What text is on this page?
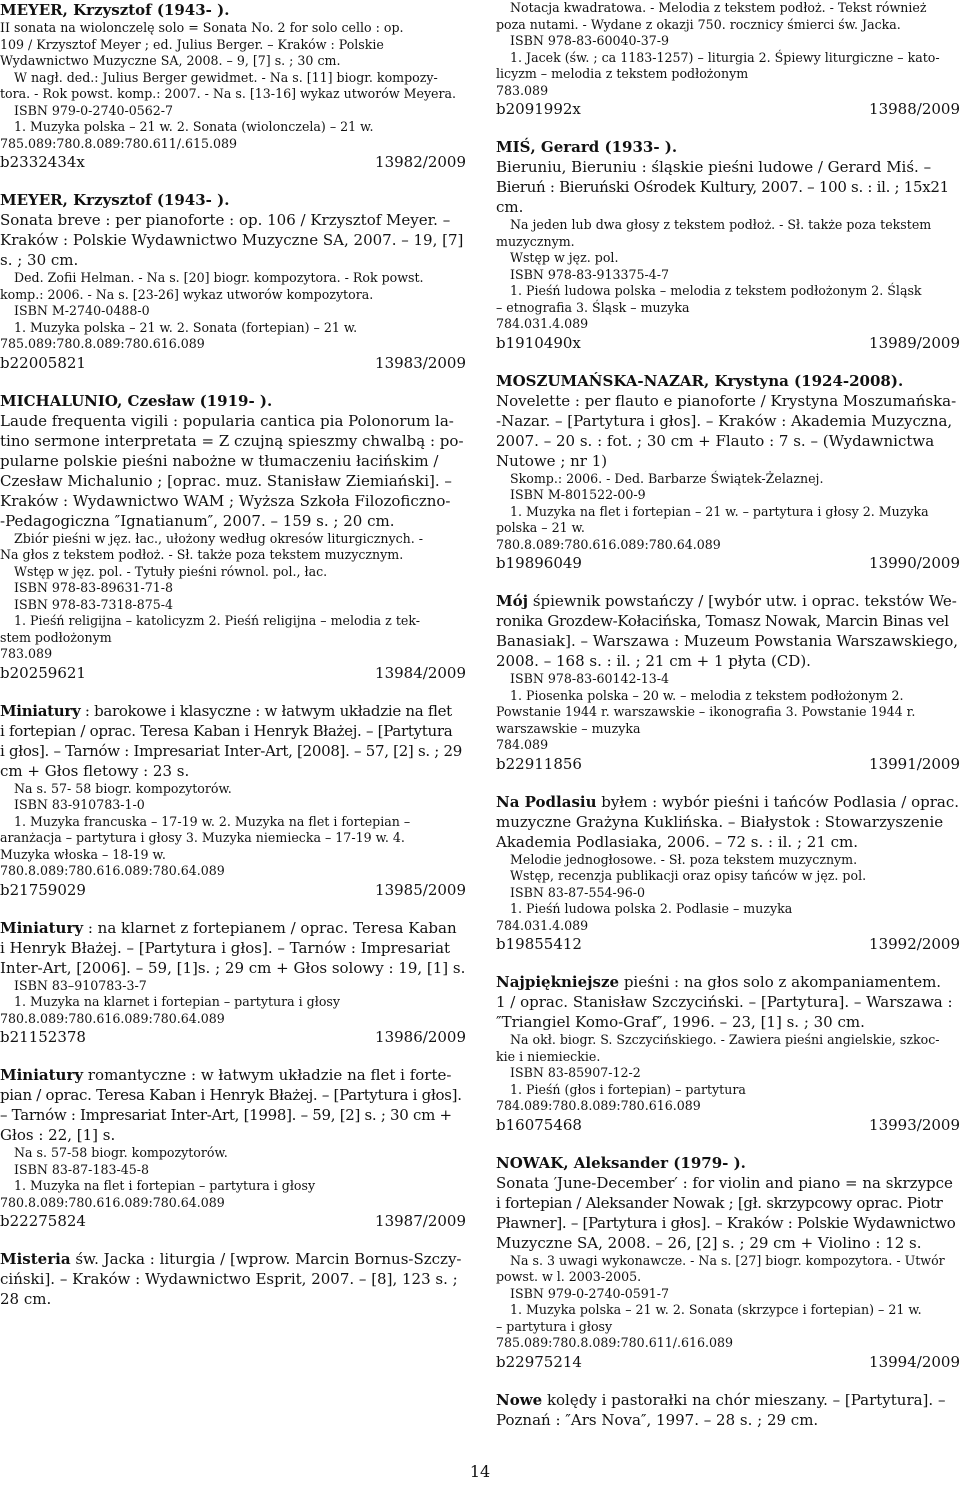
MEYER, Krzysztof (1943- ).
II sonata na wiolonczelę solo = Sonata No. 2 for solo cello : op.
109 / Krzysztof Meyer ; ed. Julius Berger. – Kraków : Polskie
Wydawnictwo Muzyczne SA, 2008. – 9, [7] s. ; 30 cm.
W nagł. ded.: Julius Berger gewidmet. - Na s. [11] biogr. kompozy-
tora. - Rok powst. komp.: 2007. - Na s. [13-16] wykaz utworów Meyera.
ISBN 979-0-2740-0562-7
1. Muzyka polska – 21 w. 2. Sonata (wiolonczela) – 21 w.
785.089:780.8.089:780.611/.615.089
b2332434x	13982/2009
MEYER, Krzysztof (1943- ).
Sonata breve : per pianoforte : op. 106 / Krzysztof Meyer. –
Kraków : Polskie Wydawnictwo Muzyczne SA, 2007. – 19, [7]
s. ; 30 cm.
Ded. Zofii Helman. - Na s. [20] biogr. kompozytora. - Rok powst.
komp.: 2006. - Na s. [23-26] wykaz utworów kompozytora.
ISBN M-2740-0488-0
1. Muzyka polska – 21 w. 2. Sonata (fortepian) – 21 w.
785.089:780.8.089:780.616.089
b22005821	13983/2009
MICHALUNIO, Czesław (1919- ).
Laude frequenta vigili : popularia cantica pia Polonorum la-
tino sermone interpretata = Z czujną spieszmy chwalbą : po-
pularne polskie pieśni nabożne w tłumaczeniu łacińskim /
Czesław Michalunio ; [oprac. muz. Stanisław Ziemiański]. –
Kraków : Wydawnictwo WAM ; Wyższa Szkoła Filozoficzno-
-Pedagogiczna ″Ignatianum″, 2007. – 159 s. ; 20 cm.
Zbiór pieśni w jęz. łac., ułożony według okresów liturgicznych. -
Na głos z tekstem podłoż. - Sł. także poza tekstem muzycznym.
Wstęp w jęz. pol. - Tytuły pieśni równol. pol., łac.
ISBN 978-83-89631-71-8
ISBN 978-83-7318-875-4
1. Pieśń religijna – katolicyzm 2. Pieśń religijna – melodia z tek-
stem podłożonym
783.089
b20259621	13984/2009
Miniatury : barokowe i klasyczne : w łatwym układzie na flet
i fortepian / oprac. Teresa Kaban i Henryk Błażej. – [Partytura
i głos]. – Tarnów : Impresariat Inter-Art, [2008]. – 57, [2] s. ; 29
cm + Głos fletowy : 23 s.
Na s. 57- 58 biogr. kompozytorów.
ISBN 83-910783-1-0
1. Muzyka francuska – 17-19 w. 2. Muzyka na flet i fortepian –
aranżacja – partytura i głosy 3. Muzyka niemiecka – 17-19 w. 4.
Muzyka włoska – 18-19 w.
780.8.089:780.616.089:780.64.089
b21759029	13985/2009
Miniatury : na klarnet z fortepianem / oprac. Teresa Kaban
i Henryk Błażej. – [Partytura i głos]. – Tarnów : Impresariat
Inter-Art, [2006]. – 59, [1]s. ; 29 cm + Głos solowy : 19, [1] s.
ISBN 83–910783-3-7
1. Muzyka na klarnet i fortepian – partytura i głosy
780.8.089:780.616.089:780.64.089
b21152378	13986/2009
Miniatury romantyczne : w łatwym układzie na flet i forte-
pian / oprac. Teresa Kaban i Henryk Błażej. – [Partytura i głos].
– Tarnów : Impresariat Inter-Art, [1998]. – 59, [2] s. ; 30 cm +
Głos : 22, [1] s.
Na s. 57-58 biogr. kompozytorów.
ISBN 83-87-183-45-8
1. Muzyka na flet i fortepian – partytura i głosy
780.8.089:780.616.089:780.64.089
b22275824	13987/2009
Misteria św. Jacka : liturgia / [wprow. Marcin Bornus-Szczy-
ciński]. – Kraków : Wydawnictwo Esprit, 2007. – [8], 123 s. ;
28 cm.
Notacja kwadratowa. - Melodia z tekstem podłoż. - Tekst również
poza nutami. - Wydane z okazji 750. rocznicy śmierci św. Jacka.
ISBN 978-83-60040-37-9
1. Jacek (św. ; ca 1183-1257) – liturgia 2. Śpiewy liturgiczne – kato-
licyzm – melodia z tekstem podłożonym
783.089
b2091992x	13988/2009
MIŚ, Gerard (1933- ).
Bieruniu, Bieruniu : śląskie pieśni ludowe / Gerard Miś. –
Bieruń : Bieruński Ośrodek Kultury, 2007. – 100 s. : il. ; 15x21
cm.
Na jeden lub dwa głosy z tekstem podłoż. - Sł. także poza tekstem
muzycznym.
Wstęp w jęz. pol.
ISBN 978-83-913375-4-7
1. Pieśń ludowa polska – melodia z tekstem podłożonym 2. Śląsk
– etnografia 3. Śląsk – muzyka
784.031.4.089
b1910490x	13989/2009
MOSZUMAŃSKA-NAZAR, Krystyna (1924-2008).
Novelette : per flauto e pianoforte / Krystyna Moszumańska-
-Nazar. – [Partytura i głos]. – Kraków : Akademia Muzyczna,
2007. – 20 s. : fot. ; 30 cm + Flauto : 7 s. – (Wydawnictwa
Nutowe ; nr 1)
Skomp.: 2006. - Ded. Barbarze Świątek-Żelaznej.
ISBN M-801522-00-9
1. Muzyka na flet i fortepian – 21 w. – partytura i głosy 2. Muzyka
polska – 21 w.
780.8.089:780.616.089:780.64.089
b19896049	13990/2009
Mój śpiewnik powstańczy / [wybór utw. i oprac. tekstów We-
ronika Grozdew-Kołacińska, Tomasz Nowak, Marcin Binas vel
Banasiak]. – Warszawa : Muzeum Powstania Warszawskiego,
2008. – 168 s. : il. ; 21 cm + 1 płyta (CD).
ISBN 978-83-60142-13-4
1. Piosenka polska – 20 w. – melodia z tekstem podłożonym 2.
Powstanie 1944 r. warszawskie – ikonografia 3. Powstanie 1944 r.
warszawskie – muzyka
784.089
b22911856	13991/2009
Na Podlasiu byłem : wybór pieśni i tańców Podlasia / oprac.
muzyczne Grażyna Kuklińska. – Białystok : Stowarzyszenie
Akademia Podlasiaka, 2006. – 72 s. : il. ; 21 cm.
Melodie jednogłosowe. - Sł. poza tekstem muzycznym.
Wstęp, recenzja publikacji oraz opisy tańców w jęz. pol.
ISBN 83-87-554-96-0
1. Pieśń ludowa polska 2. Podlasie – muzyka
784.031.4.089
b19855412	13992/2009
Najpiękniejsze pieśni : na głos solo z akompaniamentem.
1 / oprac. Stanisław Szczyciński. – [Partytura]. – Warszawa :
″Triangiel Komo-Graf″, 1996. – 23, [1] s. ; 30 cm.
Na okł. biogr. S. Szczycińskiego. - Zawiera pieśni angielskie, szkoc-
kie i niemieckie.
ISBN 83-85907-12-2
1. Pieśń (głos i fortepian) – partytura
784.089:780.8.089:780.616.089
b16075468	13993/2009
NOWAK, Aleksander (1979- ).
Sonata ′June-December′ : for violin and piano = na skrzypce
i fortepian / Aleksander Nowak ; [gł. skrzypcowy oprac. Piotr
Pławner]. – [Partytura i głos]. – Kraków : Polskie Wydawnictwo
Muzyczne SA, 2008. – 26, [2] s. ; 29 cm + Violino : 12 s.
Na s. 3 uwagi wykonawcze. - Na s. [27] biogr. kompozytora. - Utwór
powst. w l. 2003-2005.
ISBN 979-0-2740-0591-7
1. Muzyka polska – 21 w. 2. Sonata (skrzypce i fortepian) – 21 w.
– partytura i głosy
785.089:780.8.089:780.611/.616.089
b22975214	13994/2009
Nowe kolędy i pastorałki na chór mieszany. – [Partytura]. –
Poznań : ″Ars Nova″, 1997. – 28 s. ; 29 cm.
14
